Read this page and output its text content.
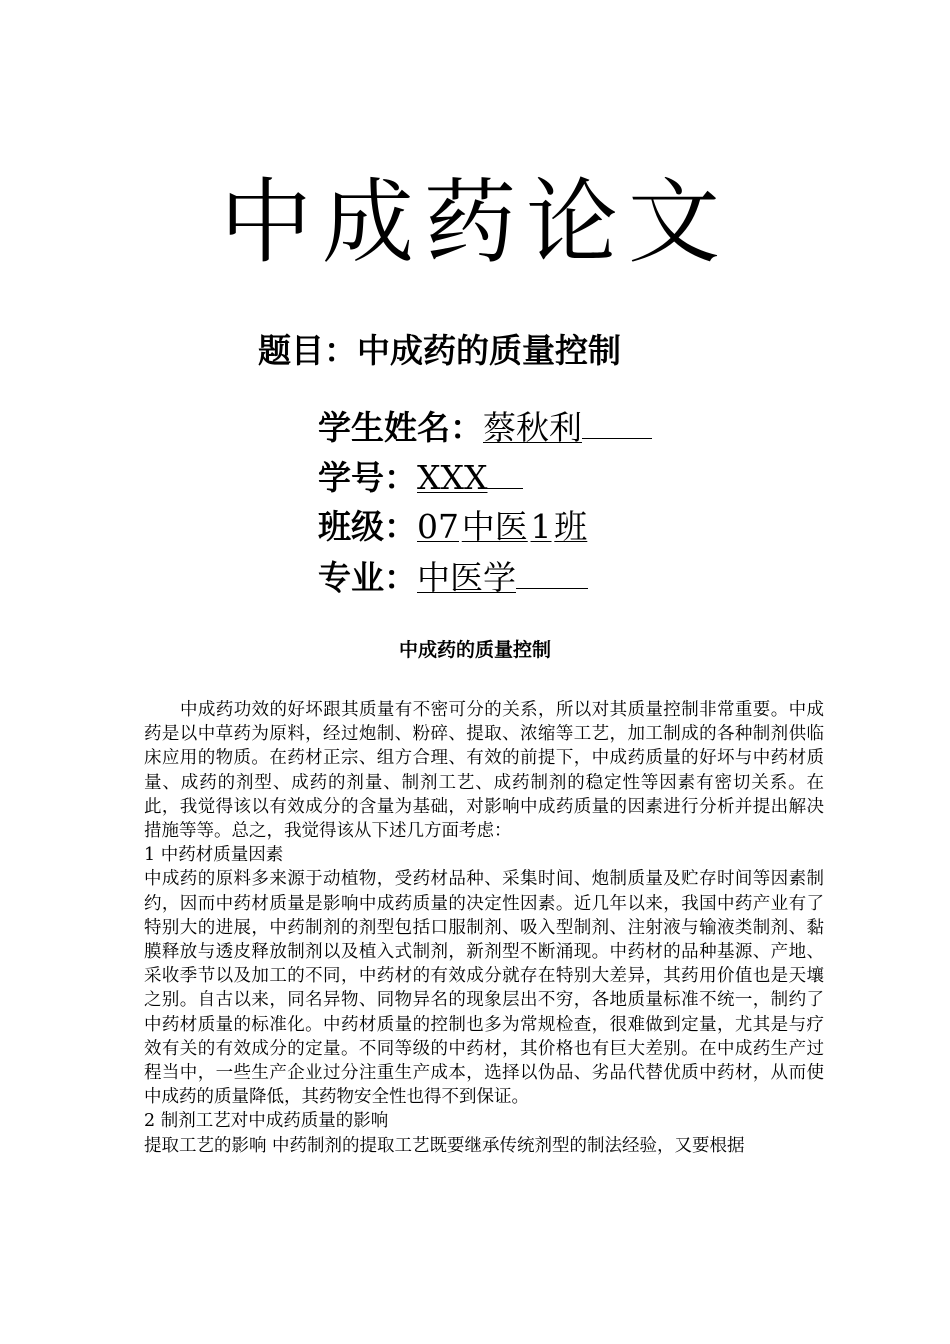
中成药论文
题目：中成药的质量控制
学生姓名：蔡秋利
学号：XXX
班级：07 中医 1 班
专业：中医学
中成药的质量控制

中成药功效的好坏跟其质量有不密可分的关系，所以对其质量控制非常重要。中成药是以中草药为原料，经过炮制、粉碎、提取、浓缩等工艺，加工制成的各种制剂供临床应用的物质。在药材正宗、组方合理、有效的前提下，中成药质量的好坏与中药材质量、成药的剂型、成药的剂量、制剂工艺、成药制剂的稳定性等因素有密切关系。在此，我觉得该以有效成分的含量为基础，对影响中成药质量的因素进行分析并提出解决措施等等。总之，我觉得该从下述几方面考虑：

1 中药材质量因素

中成药的原料多来源于动植物，受药材品种、采集时间、炮制质量及贮存时间等因素制约，因而中药材质量是影响中成药质量的决定性因素。近几年以来，我国中药产业有了特别大的进展，中药制剂的剂型包括口服制剂、吸入型制剂、注射液与输液类制剂、黏膜释放与透皮释放制剂以及植入式制剂，新剂型不断涌现。中药材的品种基源、产地、采收季节以及加工的不同，中药材的有效成分就存在特别大差异，其药用价值也是天壤之别。自古以来，同名异物、同物异名的现象层出不穷，各地质量标准不统一，制约了中药材质量的标准化。中药材质量的控制也多为常规检查，很难做到定量，尤其是与疗效有关的有效成分的定量。不同等级的中药材，其价格也有巨大差别。在中成药生产过程当中，一些生产企业过分注重生产成本，选择以伪品、劣品代替优质中药材，从而使中成药的质量降低，其药物安全性也得不到保证。

2 制剂工艺对中成药质量的影响

提取工艺的影响 中药制剂的提取工艺既要继承传统剂型的制法经验，又要根据
